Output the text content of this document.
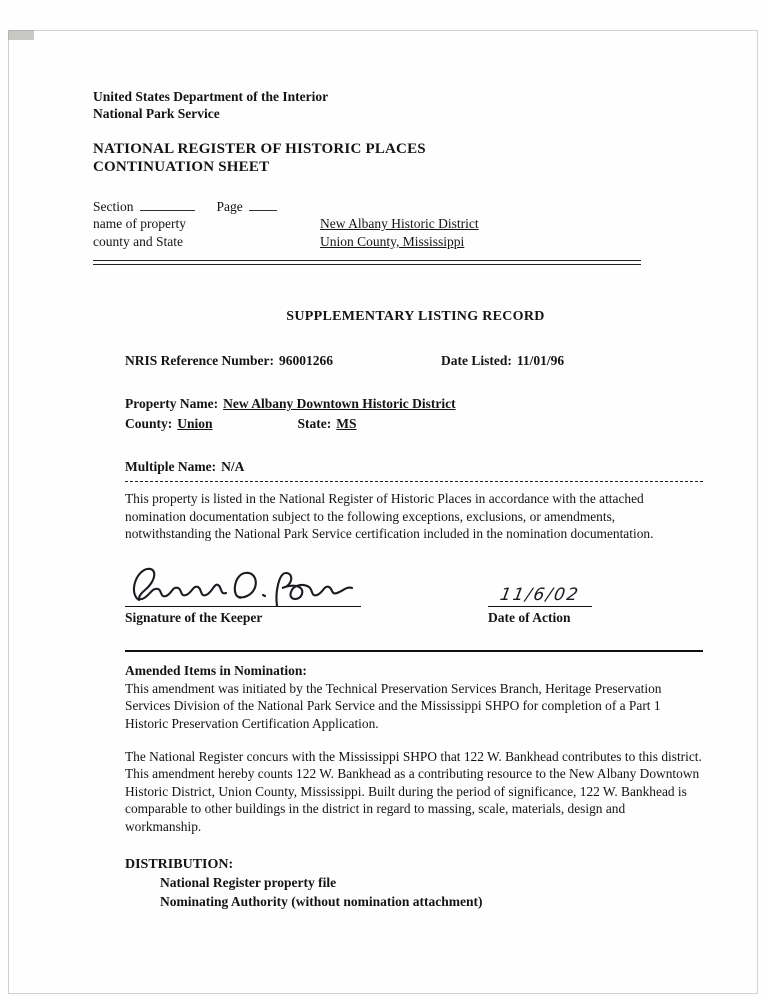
United States Department of the Interior
National Park Service
NATIONAL REGISTER OF HISTORIC PLACES
CONTINUATION SHEET
Section	Page
name of property	New Albany Historic District
county and State	Union County, Mississippi
SUPPLEMENTARY LISTING RECORD
NRIS Reference Number: 96001266	Date Listed: 11/01/96
Property Name: New Albany Downtown Historic District
County: Union	State: MS
Multiple Name: N/A
This property is listed in the National Register of Historic Places in accordance with the attached nomination documentation subject to the following exceptions, exclusions, or amendments, notwithstanding the National Park Service certification included in the nomination documentation.
11/6/02
Signature of the Keeper	Date of Action
Amended Items in Nomination:
This amendment was initiated by the Technical Preservation Services Branch, Heritage Preservation Services Division of the National Park Service and the Mississippi SHPO for completion of a Part 1 Historic Preservation Certification Application.
The National Register concurs with the Mississippi SHPO that 122 W. Bankhead contributes to this district. This amendment hereby counts 122 W. Bankhead as a contributing resource to the New Albany Downtown Historic District, Union County, Mississippi. Built during the period of significance, 122 W. Bankhead is comparable to other buildings in the district in regard to massing, scale, materials, design and workmanship.
DISTRIBUTION:
National Register property file
Nominating Authority (without nomination attachment)
